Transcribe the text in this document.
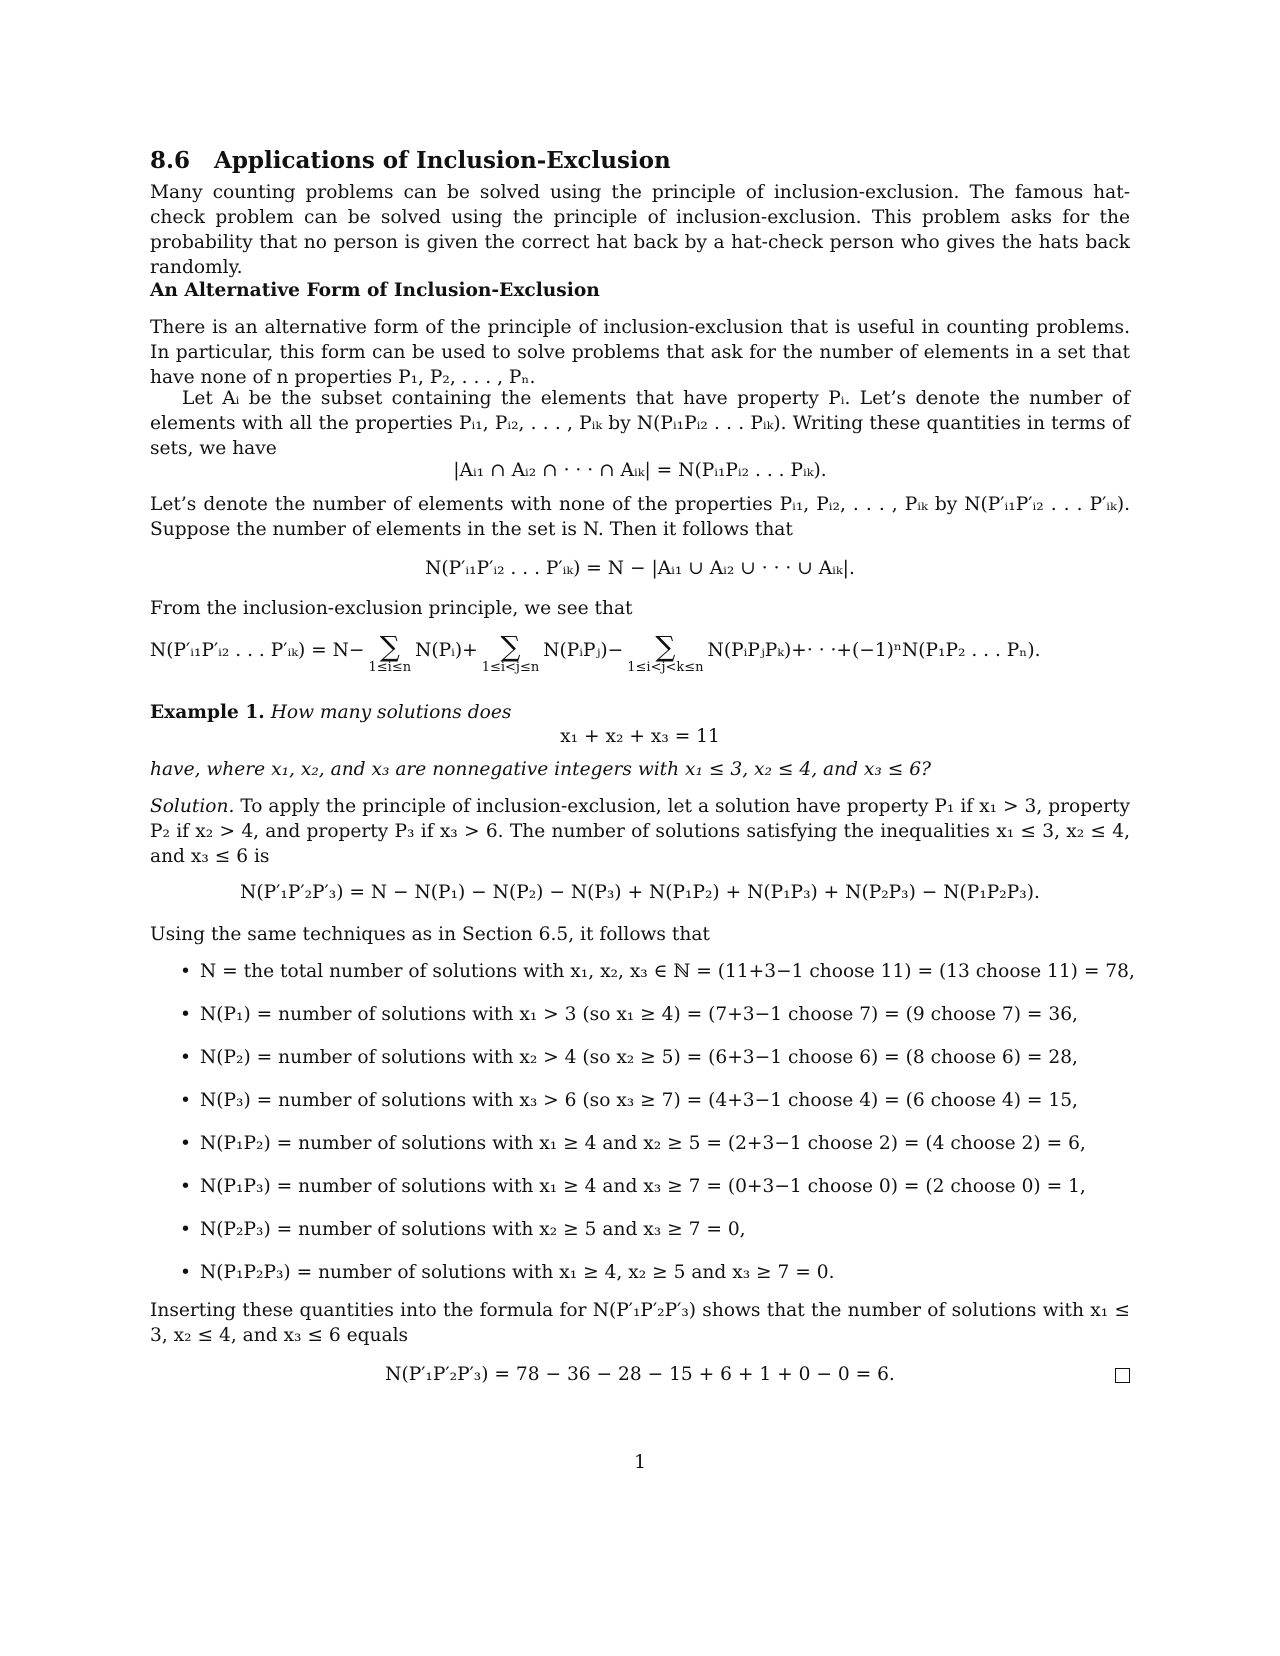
8.6 Applications of Inclusion-Exclusion

Many counting problems can be solved using the principle of inclusion-exclusion. The famous hat-check problem can be solved using the principle of inclusion-exclusion. This problem asks for the probability that no person is given the correct hat back by a hat-check person who gives the hats back randomly.

An Alternative Form of Inclusion-Exclusion

There is an alternative form of the principle of inclusion-exclusion that is useful in counting problems. In particular, this form can be used to solve problems that ask for the number of elements in a set that have none of n properties P₁, P₂, . . . , Pₙ.

Let Aᵢ be the subset containing the elements that have property Pᵢ. Let’s denote the number of elements with all the properties Pᵢ₁, Pᵢ₂, . . . , Pᵢₖ by N(Pᵢ₁Pᵢ₂ . . . Pᵢₖ). Writing these quantities in terms of sets, we have

|Aᵢ₁ ∩ Aᵢ₂ ∩ · · · ∩ Aᵢₖ| = N(Pᵢ₁Pᵢ₂ . . . Pᵢₖ).

Let’s denote the number of elements with none of the properties Pᵢ₁, Pᵢ₂, . . . , Pᵢₖ by N(P′ᵢ₁P′ᵢ₂ . . . P′ᵢₖ). Suppose the number of elements in the set is N. Then it follows that

N(P′ᵢ₁P′ᵢ₂ . . . P′ᵢₖ) = N − |Aᵢ₁ ∪ Aᵢ₂ ∪ · · · ∪ Aᵢₖ|.

From the inclusion-exclusion principle, we see that

N(P′ᵢ₁P′ᵢ₂ . . . P′ᵢₖ) = N− ∑
1≤i≤n
N(Pᵢ)+ ∑
1≤i<j≤n
N(PᵢPⱼ)− ∑
1≤i<j<k≤n
N(PᵢPⱼPₖ)+· · ·+(−1)ⁿN(P₁P₂ . . . Pₙ).
Example 1. How many solutions does
x₁ + x₂ + x₃ = 11
have, where x₁, x₂, and x₃ are nonnegative integers with x₁ ≤ 3, x₂ ≤ 4, and x₃ ≤ 6?

Solution. To apply the principle of inclusion-exclusion, let a solution have property P₁ if x₁ > 3, property P₂ if x₂ > 4, and property P₃ if x₃ > 6. The number of solutions satisfying the inequalities x₁ ≤ 3, x₂ ≤ 4, and x₃ ≤ 6 is

N(P′₁P′₂P′₃) = N − N(P₁) − N(P₂) − N(P₃) + N(P₁P₂) + N(P₁P₃) + N(P₂P₃) − N(P₁P₂P₃).
Using the same techniques as in Section 6.5, it follows that
• N = the total number of solutions with x₁, x₂, x₃ ∈ ℕ = (11+3−1 choose 11) = (13 choose 11) = 78,
• N(P₁) = number of solutions with x₁ > 3 (so x₁ ≥ 4) = (7+3−1 choose 7) = (9 choose 7) = 36,
• N(P₂) = number of solutions with x₂ > 4 (so x₂ ≥ 5) = (6+3−1 choose 6) = (8 choose 6) = 28,
• N(P₃) = number of solutions with x₃ > 6 (so x₃ ≥ 7) = (4+3−1 choose 4) = (6 choose 4) = 15,
• N(P₁P₂) = number of solutions with x₁ ≥ 4 and x₂ ≥ 5 = (2+3−1 choose 2) = (4 choose 2) = 6,
• N(P₁P₃) = number of solutions with x₁ ≥ 4 and x₃ ≥ 7 = (0+3−1 choose 0) = (2 choose 0) = 1,
• N(P₂P₃) = number of solutions with x₂ ≥ 5 and x₃ ≥ 7 = 0,
• N(P₁P₂P₃) = number of solutions with x₁ ≥ 4, x₂ ≥ 5 and x₃ ≥ 7 = 0.

Inserting these quantities into the formula for N(P′₁P′₂P′₃) shows that the number of solutions with x₁ ≤ 3, x₂ ≤ 4, and x₃ ≤ 6 equals

N(P′₁P′₂P′₃) = 78 − 36 − 28 − 15 + 6 + 1 + 0 − 0 = 6.
1
